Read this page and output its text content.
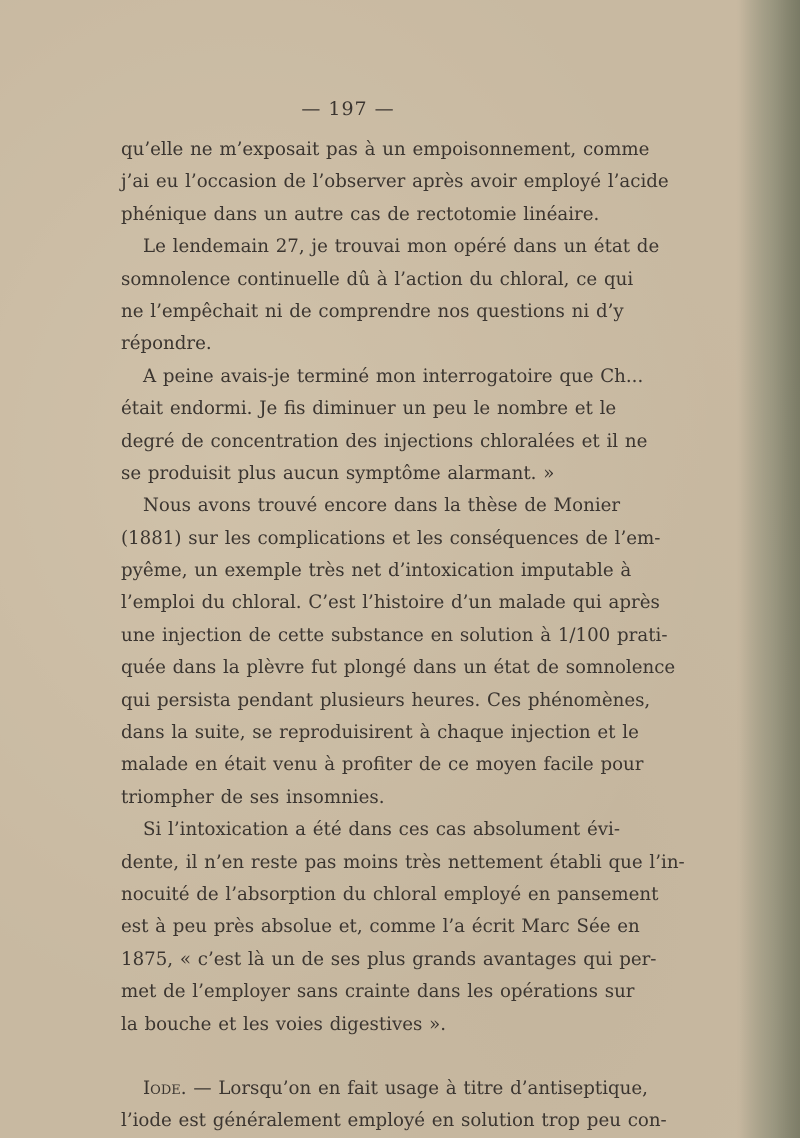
— 197 —
qu’elle ne m’exposait pas à un empoisonnement, comme
j’ai eu l’occasion de l’observer après avoir employé l’acide
phénique dans un autre cas de rectotomie linéaire.
Le lendemain 27, je trouvai mon opéré dans un état de
somnolence continuelle dû à l’action du chloral, ce qui
ne l’empêchait ni de comprendre nos questions ni d’y
répondre.
A peine avais-je terminé mon interrogatoire que Ch...
était endormi. Je fis diminuer un peu le nombre et le
degré de concentration des injections chloralées et il ne
se produisit plus aucun symptôme alarmant. »
Nous avons trouvé encore dans la thèse de Monier
(1881) sur les complications et les conséquences de l’em-
pyême, un exemple très net d’intoxication imputable à
l’emploi du chloral. C’est l’histoire d’un malade qui après
une injection de cette substance en solution à 1/100 prati-
quée dans la plèvre fut plongé dans un état de somnolence
qui persista pendant plusieurs heures. Ces phénomènes,
dans la suite, se reproduisirent à chaque injection et le
malade en était venu à profiter de ce moyen facile pour
triompher de ses insomnies.
Si l’intoxication a été dans ces cas absolument évi-
dente, il n’en reste pas moins très nettement établi que l’in-
nocuité de l’absorption du chloral employé en pansement
est à peu près absolue et, comme l’a écrit Marc Sée en
1875, « c’est là un de ses plus grands avantages qui per-
met de l’employer sans crainte dans les opérations sur
la bouche et les voies digestives ».
Iode. — Lorsqu’on en fait usage à titre d’antiseptique,
l’iode est généralement employé en solution trop peu con-
